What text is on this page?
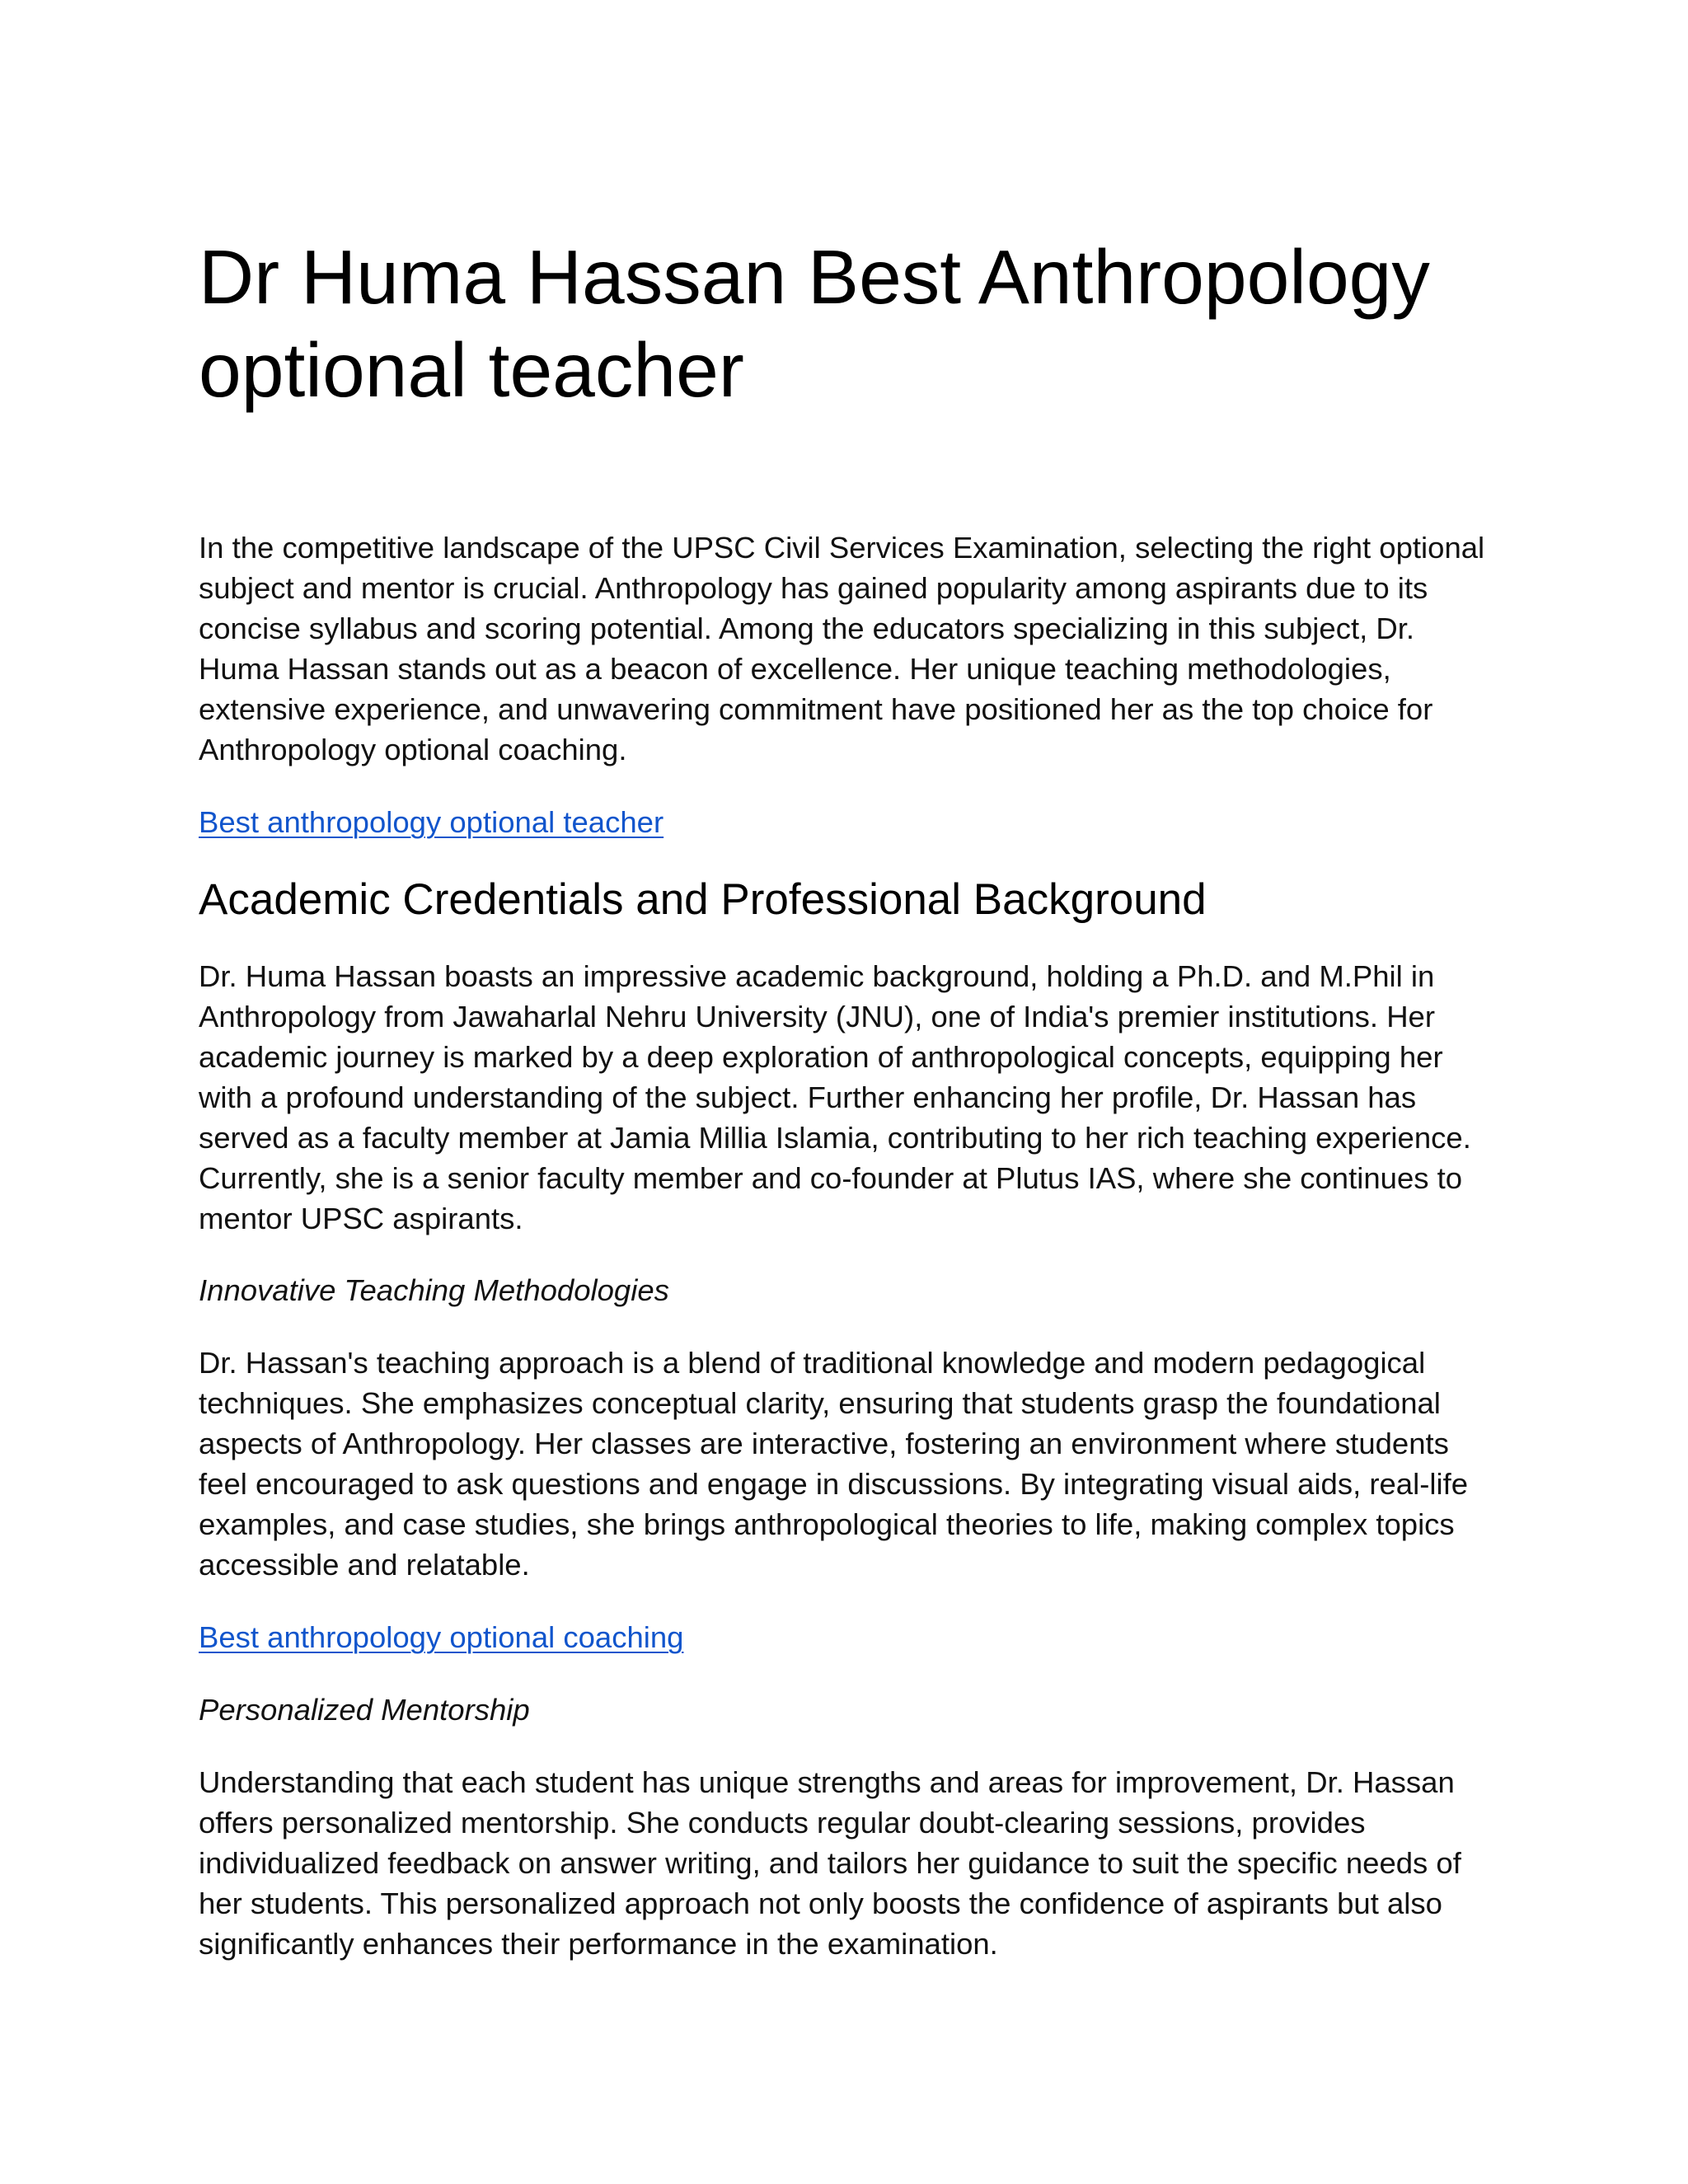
Dr Huma Hassan Best Anthropology optional teacher

In the competitive landscape of the UPSC Civil Services Examination, selecting the right optional subject and mentor is crucial. Anthropology has gained popularity among aspirants due to its concise syllabus and scoring potential. Among the educators specializing in this subject, Dr. Huma Hassan stands out as a beacon of excellence. Her unique teaching methodologies, extensive experience, and unwavering commitment have positioned her as the top choice for Anthropology optional coaching.

Best anthropology optional teacher
Academic Credentials and Professional Background

Dr. Huma Hassan boasts an impressive academic background, holding a Ph.D. and M.Phil in Anthropology from Jawaharlal Nehru University (JNU), one of India's premier institutions. Her academic journey is marked by a deep exploration of anthropological concepts, equipping her with a profound understanding of the subject. Further enhancing her profile, Dr. Hassan has served as a faculty member at Jamia Millia Islamia, contributing to her rich teaching experience. Currently, she is a senior faculty member and co-founder at Plutus IAS, where she continues to mentor UPSC aspirants.

Innovative Teaching Methodologies

Dr. Hassan's teaching approach is a blend of traditional knowledge and modern pedagogical techniques. She emphasizes conceptual clarity, ensuring that students grasp the foundational aspects of Anthropology. Her classes are interactive, fostering an environment where students feel encouraged to ask questions and engage in discussions. By integrating visual aids, real-life examples, and case studies, she brings anthropological theories to life, making complex topics accessible and relatable.

Best anthropology optional coaching
Personalized Mentorship

Understanding that each student has unique strengths and areas for improvement, Dr. Hassan offers personalized mentorship. She conducts regular doubt-clearing sessions, provides individualized feedback on answer writing, and tailors her guidance to suit the specific needs of her students. This personalized approach not only boosts the confidence of aspirants but also significantly enhances their performance in the examination.
